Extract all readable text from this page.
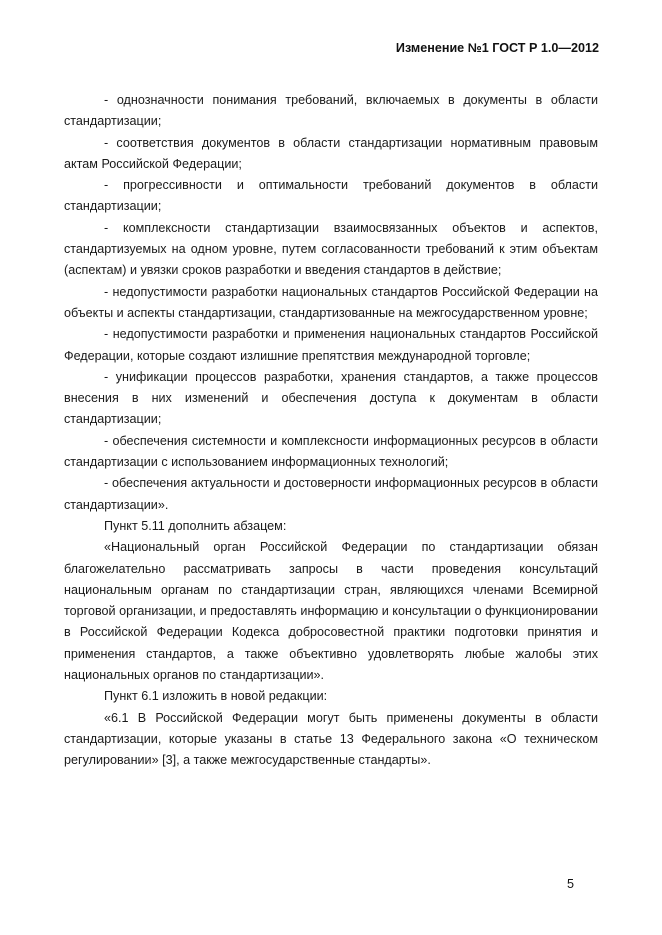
Изменение №1 ГОСТ Р 1.0—2012

- однозначности понимания требований, включаемых в документы в области стандартизации;

- соответствия документов в области стандартизации нормативным правовым актам Российской Федерации;

- прогрессивности и оптимальности требований документов в области стандартизации;

- комплексности стандартизации взаимосвязанных объектов и аспектов, стандартизуемых на одном уровне, путем согласованности требований к этим объектам (аспектам) и увязки сроков разработки и введения стандартов в действие;

- недопустимости разработки национальных стандартов Российской Федерации на объекты и аспекты стандартизации, стандартизованные на межгосударственном уровне;

- недопустимости разработки и применения национальных стандартов Российской Федерации, которые создают излишние препятствия международной торговле;

- унификации процессов разработки, хранения стандартов, а также процессов внесения в них изменений и обеспечения доступа к документам в области стандартизации;

- обеспечения системности и комплексности информационных ресурсов в области стандартизации с использованием информационных технологий;

- обеспечения актуальности и достоверности информационных ресурсов в области стандартизации».

Пункт 5.11 дополнить абзацем:

«Национальный орган Российской Федерации по стандартизации обязан благожелательно рассматривать запросы в части проведения консультаций национальным органам по стандартизации стран, являющихся членами Всемирной торговой организации, и предоставлять информацию и консультации о функционировании в Российской Федерации Кодекса добросовестной практики подготовки принятия и применения стандартов, а также объективно удовлетворять любые жалобы этих национальных органов по стандартизации».

Пункт 6.1 изложить в новой редакции:

«6.1 В Российской Федерации могут быть применены документы в области стандартизации, которые указаны в статье 13 Федерального закона «О техническом регулировании» [3], а также межгосударственные стандарты».

5
